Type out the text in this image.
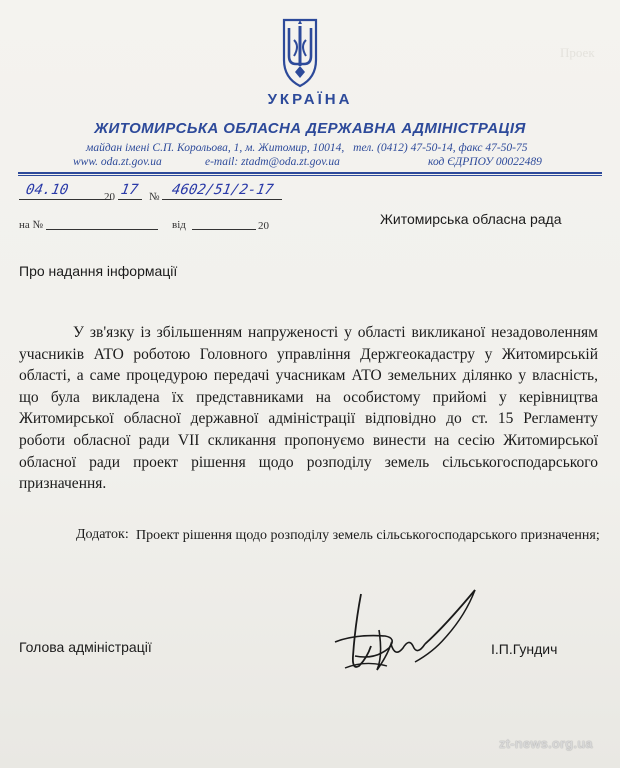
Проек

УКРАЇНА
ЖИТОМИРСЬКА ОБЛАСНА ДЕРЖАВНА АДМІНІСТРАЦІЯ
майдан імені С.П. Корольова, 1, м. Житомир, 10014, тел. (0412) 47-50-14, факс 47-50-75
www. oda.zt.gov.ua	e-mail: ztadm@oda.zt.gov.ua	код ЄДРПОУ 00022489
04.10	20 17 № 4602/51/2-17
на №	від	20	Житомирська обласна рада
Про надання інформації
У зв'язку із збільшенням напруженості у області викликаної незадоволенням учасників АТО роботою Головного управління Держгеокадастру у Житомирській області, а саме процедурою передачі учасникам АТО земельних ділянко у власність, що була викладена їх представниками на особистому прийомі у керівництва Житомирської обласної державної адміністрації відповідно до ст. 15 Регламенту роботи обласної ради VII скликання пропонуємо винести на сесію Житомирської обласної ради проект рішення щодо розподілу земель сільськогосподарського призначення.
Додаток: Проект рішення щодо розподілу земель сільськогосподарського призначення;
Голова адміністрації	І.П.Гундич
zt-news.org.ua
